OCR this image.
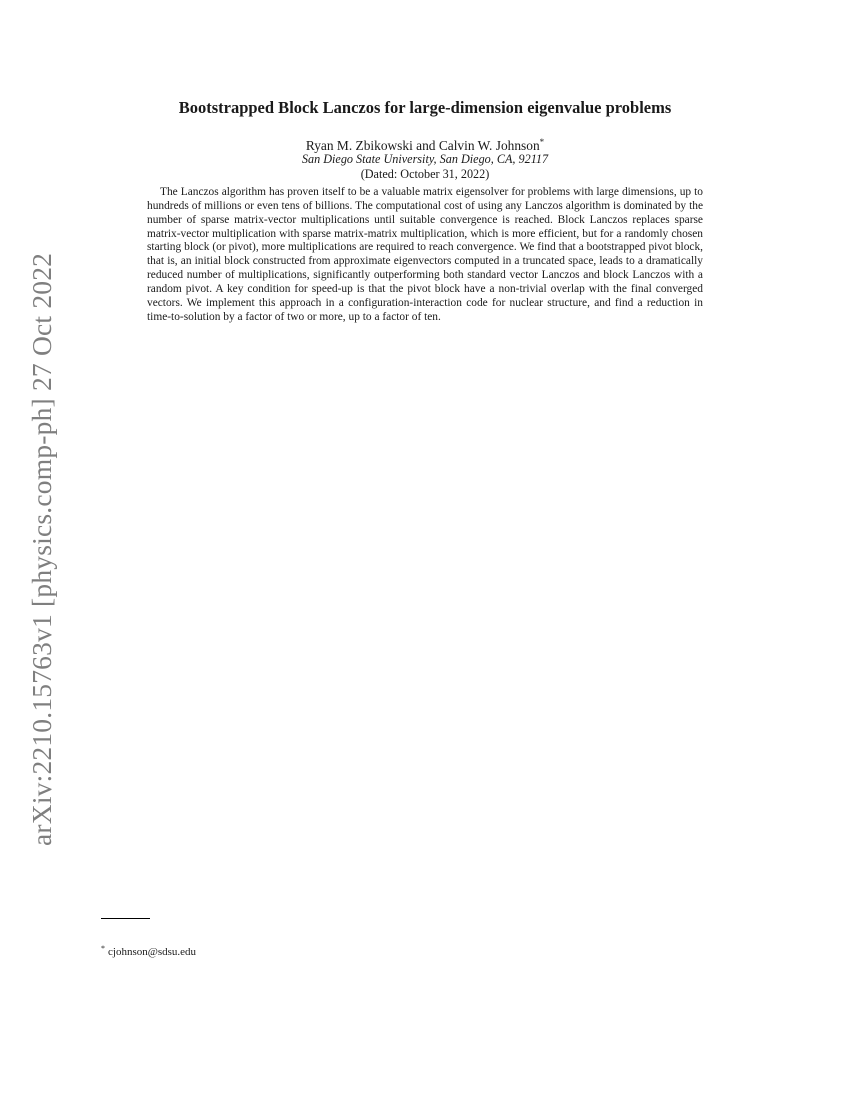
arXiv:2210.15763v1 [physics.comp-ph] 27 Oct 2022
Bootstrapped Block Lanczos for large-dimension eigenvalue problems
Ryan M. Zbikowski and Calvin W. Johnson*
San Diego State University, San Diego, CA, 92117
(Dated: October 31, 2022)

The Lanczos algorithm has proven itself to be a valuable matrix eigensolver for problems with large dimensions, up to hundreds of millions or even tens of billions. The computational cost of using any Lanczos algorithm is dominated by the number of sparse matrix-vector multiplications until suitable convergence is reached. Block Lanczos replaces sparse matrix-vector multiplication with sparse matrix-matrix multiplication, which is more efficient, but for a randomly chosen starting block (or pivot), more multiplications are required to reach convergence. We find that a bootstrapped pivot block, that is, an initial block constructed from approximate eigenvectors computed in a truncated space, leads to a dramatically reduced number of multiplications, significantly outperforming both standard vector Lanczos and block Lanczos with a random pivot. A key condition for speed-up is that the pivot block have a non-trivial overlap with the final converged vectors. We implement this approach in a configuration-interaction code for nuclear structure, and find a reduction in time-to-solution by a factor of two or more, up to a factor of ten.

* cjohnson@sdsu.edu
